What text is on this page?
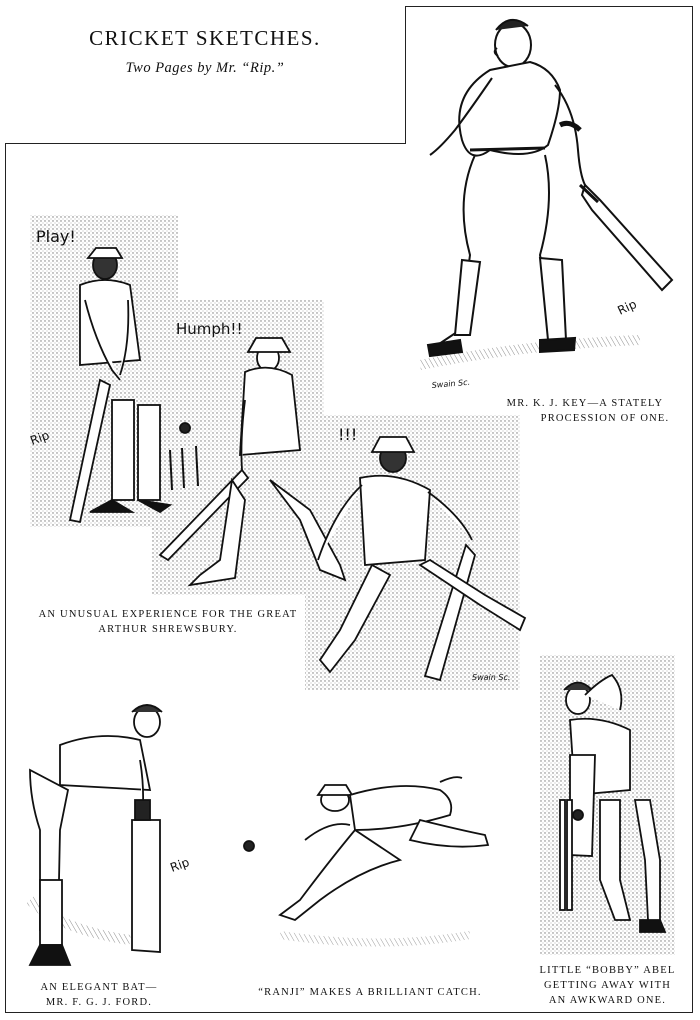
CRICKET SKETCHES.
Two Pages by Mr. “Rip.”
Rip
Swain Sc.
Play!
Rip
Humph!!
!!!
Swain Sc.
Rip
MR. K. J. KEY—A STATELY
PROCESSION OF ONE.
AN UNUSUAL EXPERIENCE FOR THE GREAT
ARTHUR SHREWSBURY.
AN ELEGANT BAT—
MR. F. G. J. FORD.
“RANJI” MAKES A BRILLIANT CATCH.
LITTLE “BOBBY” ABEL
GETTING AWAY WITH
AN AWKWARD ONE.
